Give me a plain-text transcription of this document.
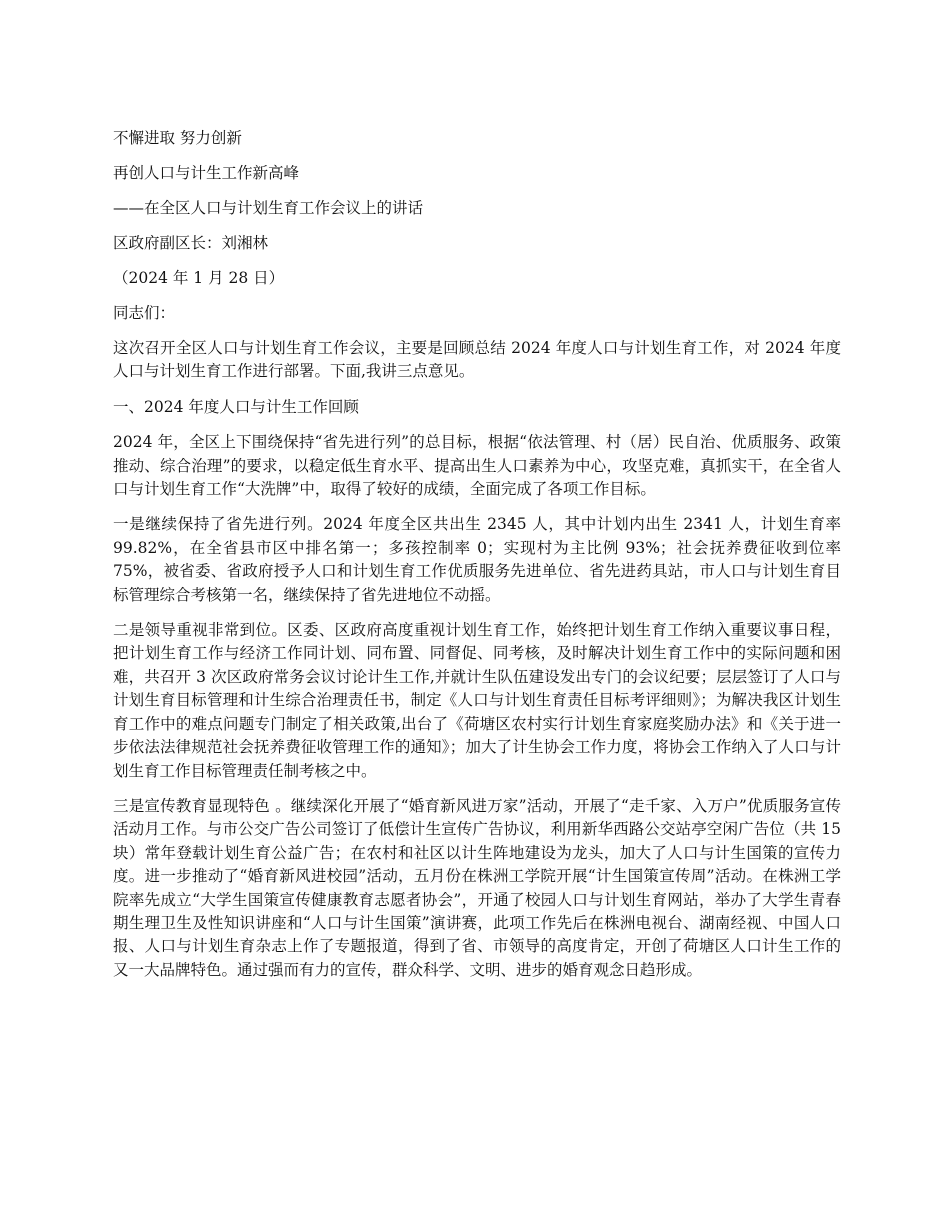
不懈进取 努力创新

再创人口与计生工作新高峰

——在全区人口与计划生育工作会议上的讲话

区政府副区长：刘湘林

（2024 年 1 月 28 日）

同志们：

这次召开全区人口与计划生育工作会议，主要是回顾总结 2024 年度人口与计划生育工作，对 2024 年度人口与计划生育工作进行部署。下面,我讲三点意见。

一、2024 年度人口与计生工作回顾

2024 年，全区上下围绕保持“省先进行列”的总目标，根据“依法管理、村（居）民自治、优质服务、政策推动、综合治理”的要求，以稳定低生育水平、提高出生人口素养为中心，攻坚克难，真抓实干，在全省人口与计划生育工作“大洗牌”中，取得了较好的成绩，全面完成了各项工作目标。

一是继续保持了省先进行列。2024 年度全区共出生 2345 人，其中计划内出生 2341 人，计划生育率 99.82%，在全省县市区中排名第一；多孩控制率 0；实现村为主比例 93%；社会抚养费征收到位率 75%，被省委、省政府授予人口和计划生育工作优质服务先进单位、省先进药具站，市人口与计划生育目标管理综合考核第一名，继续保持了省先进地位不动摇。

二是领导重视非常到位。区委、区政府高度重视计划生育工作，始终把计划生育工作纳入重要议事日程，把计划生育工作与经济工作同计划、同布置、同督促、同考核，及时解决计划生育工作中的实际问题和困难，共召开 3 次区政府常务会议讨论计生工作,并就计生队伍建设发出专门的会议纪要；层层签订了人口与计划生育目标管理和计生综合治理责任书，制定《人口与计划生育责任目标考评细则》；为解决我区计划生育工作中的难点问题专门制定了相关政策,出台了《荷塘区农村实行计划生育家庭奖励办法》和《关于进一步依法法律规范社会抚养费征收管理工作的通知》；加大了计生协会工作力度，将协会工作纳入了人口与计划生育工作目标管理责任制考核之中。

三是宣传教育显现特色 。继续深化开展了“婚育新风进万家”活动，开展了“走千家、入万户”优质服务宣传活动月工作。与市公交广告公司签订了低偿计生宣传广告协议，利用新华西路公交站亭空闲广告位（共 15 块）常年登载计划生育公益广告；在农村和社区以计生阵地建设为龙头，加大了人口与计生国策的宣传力度。进一步推动了“婚育新风进校园”活动，五月份在株洲工学院开展“计生国策宣传周”活动。在株洲工学院率先成立“大学生国策宣传健康教育志愿者协会”，开通了校园人口与计划生育网站，举办了大学生青春期生理卫生及性知识讲座和“人口与计生国策”演讲赛，此项工作先后在株洲电视台、湖南经视、中国人口报、人口与计划生育杂志上作了专题报道，得到了省、市领导的高度肯定，开创了荷塘区人口计生工作的又一大品牌特色。通过强而有力的宣传，群众科学、文明、进步的婚育观念日趋形成。
